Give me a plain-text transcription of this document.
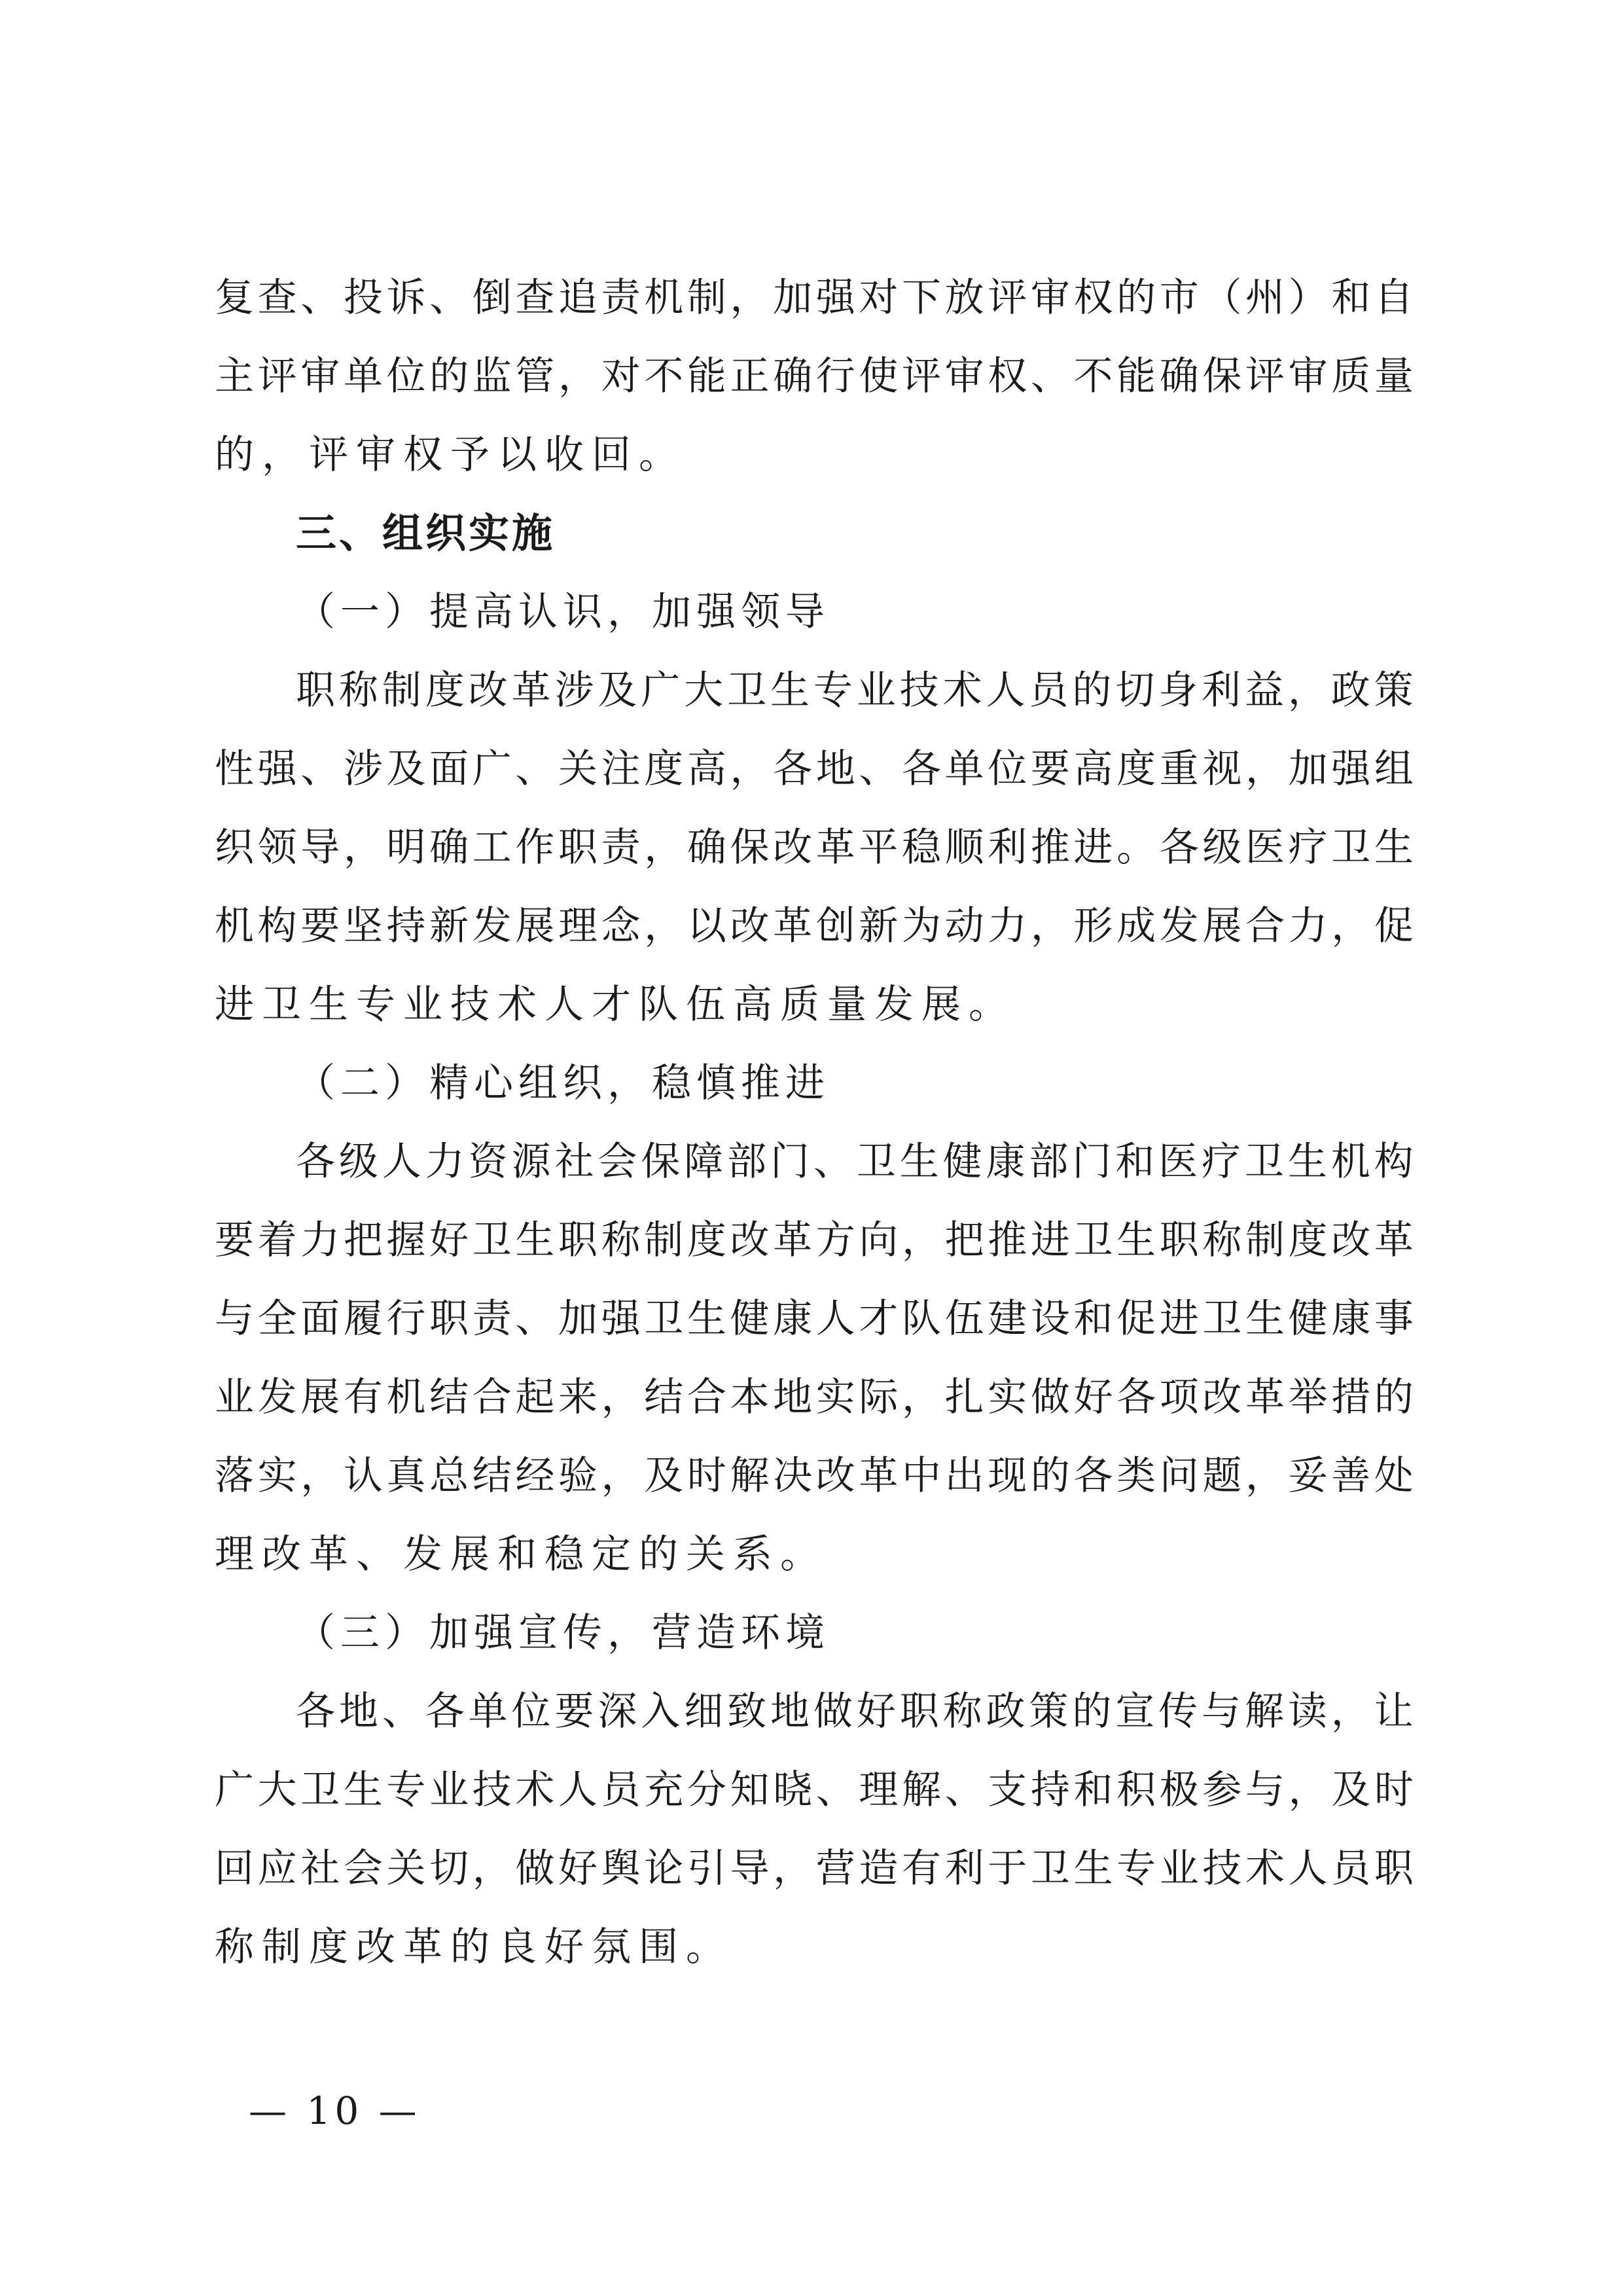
复 查 、 投 诉 、 倒 查 追 责 机 制 ， 加 强 对 下 放 评 审 权 的 市 （ 州 ） 和 自
主 评 审 单 位 的 监 管 ， 对 不 能 正 确 行 使 评 审 权 、 不 能 确 保 评 审 质 量
的，评审权予以收回。
三、组织实施
（一）提高认识，加强领导
职 称 制 度 改 革 涉 及 广 大 卫 生 专 业 技 术 人 员 的 切 身 利 益 ， 政 策
性 强 、 涉 及 面 广 、 关 注 度 高 ， 各 地 、 各 单 位 要 高 度 重 视 ， 加 强 组
织 领 导 ， 明 确 工 作 职 责 ， 确 保 改 革 平 稳 顺 利 推 进 。 各 级 医 疗 卫 生
机 构 要 坚 持 新 发 展 理 念 ， 以 改 革 创 新 为 动 力 ， 形 成 发 展 合 力 ， 促
进卫生专业技术人才队伍高质量发展。
（二）精心组织，稳慎推进
各 级 人 力 资 源 社 会 保 障 部 门 、 卫 生 健 康 部 门 和 医 疗 卫 生 机 构
要 着 力 把 握 好 卫 生 职 称 制 度 改 革 方 向 ， 把 推 进 卫 生 职 称 制 度 改 革
与 全 面 履 行 职 责 、 加 强 卫 生 健 康 人 才 队 伍 建 设 和 促 进 卫 生 健 康 事
业 发 展 有 机 结 合 起 来 ， 结 合 本 地 实 际 ， 扎 实 做 好 各 项 改 革 举 措 的
落 实 ， 认 真 总 结 经 验 ， 及 时 解 决 改 革 中 出 现 的 各 类 问 题 ， 妥 善 处
理改革、发展和稳定的关系。
（三）加强宣传，营造环境
各 地 、 各 单 位 要 深 入 细 致 地 做 好 职 称 政 策 的 宣 传 与 解 读 ， 让
广 大 卫 生 专 业 技 术 人 员 充 分 知 晓 、 理 解 、 支 持 和 积 极 参 与 ， 及 时
回 应 社 会 关 切 ， 做 好 舆 论 引 导 ， 营 造 有 利 于 卫 生 专 业 技 术 人 员 职
称制度改革的良好氛围。
— 10 —
